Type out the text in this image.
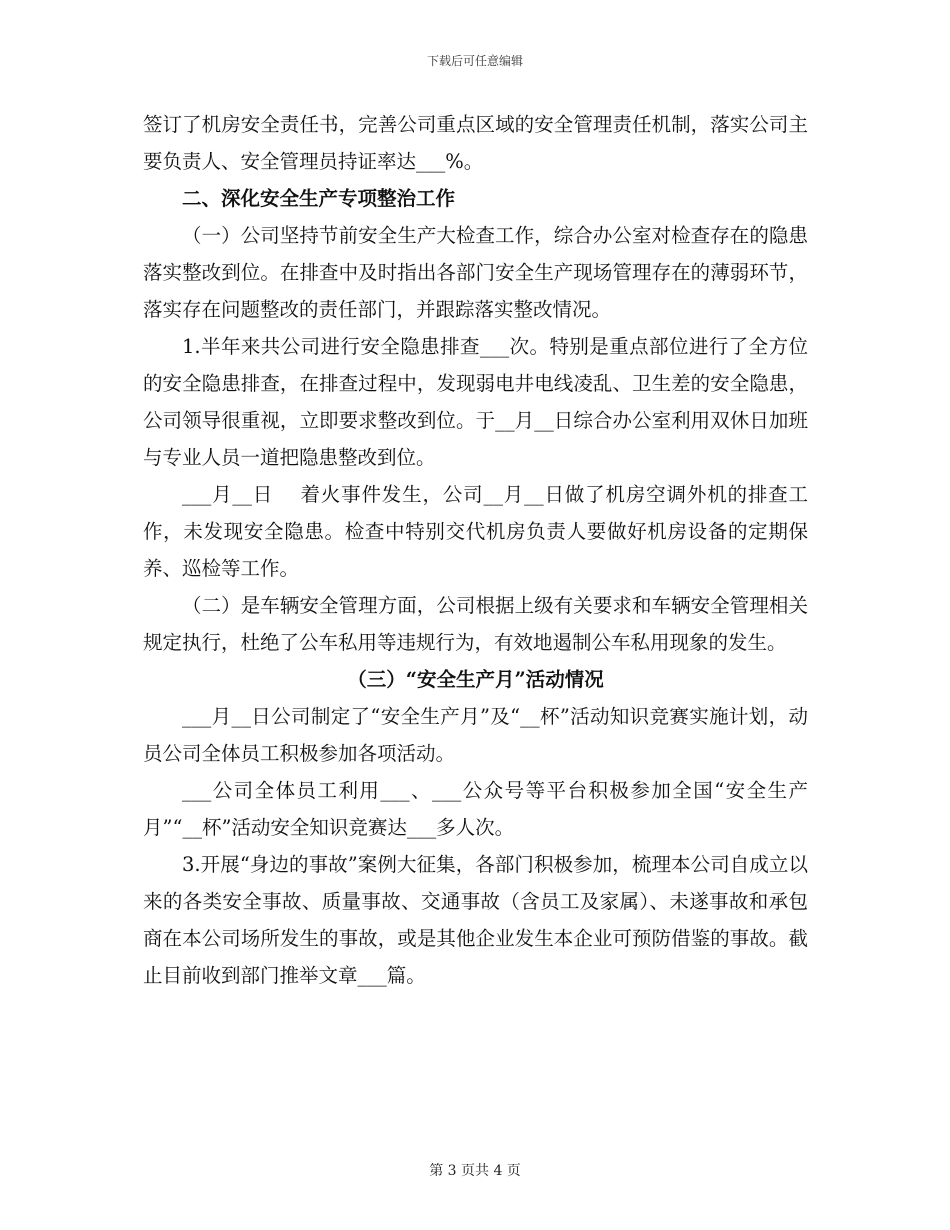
下载后可任意编辑

签订了机房安全责任书，完善公司重点区域的安全管理责任机制，落实公司主要负责人、安全管理员持证率达___%。

二、深化安全生产专项整治工作

（一）公司坚持节前安全生产大检查工作，综合办公室对检查存在的隐患落实整改到位。在排查中及时指出各部门安全生产现场管理存在的薄弱环节，落实存在问题整改的责任部门，并跟踪落实整改情况。

1.半年来共公司进行安全隐患排查___次。特别是重点部位进行了全方位的安全隐患排查，在排查过程中，发现弱电井电线凌乱、卫生差的安全隐患，公司领导很重视，立即要求整改到位。于__月__日综合办公室利用双休日加班与专业人员一道把隐患整改到位。

___月__日　 着火事件发生，公司__月__日做了机房空调外机的排查工作，未发现安全隐患。检查中特别交代机房负责人要做好机房设备的定期保养、巡检等工作。

（二）是车辆安全管理方面，公司根据上级有关要求和车辆安全管理相关规定执行，杜绝了公车私用等违规行为，有效地遏制公车私用现象的发生。

（三）“安全生产月”活动情况

___月__日公司制定了“安全生产月”及“__杯”活动知识竞赛实施计划，动员公司全体员工积极参加各项活动。

___公司全体员工利用___、___公众号等平台积极参加全国“安全生产月”“__杯”活动安全知识竞赛达___多人次。

3.开展“身边的事故”案例大征集，各部门积极参加，梳理本公司自成立以来的各类安全事故、质量事故、交通事故（含员工及家属）、未遂事故和承包商在本公司场所发生的事故，或是其他企业发生本企业可预防借鉴的事故。截止目前收到部门推举文章___篇。

第 3 页共 4 页
